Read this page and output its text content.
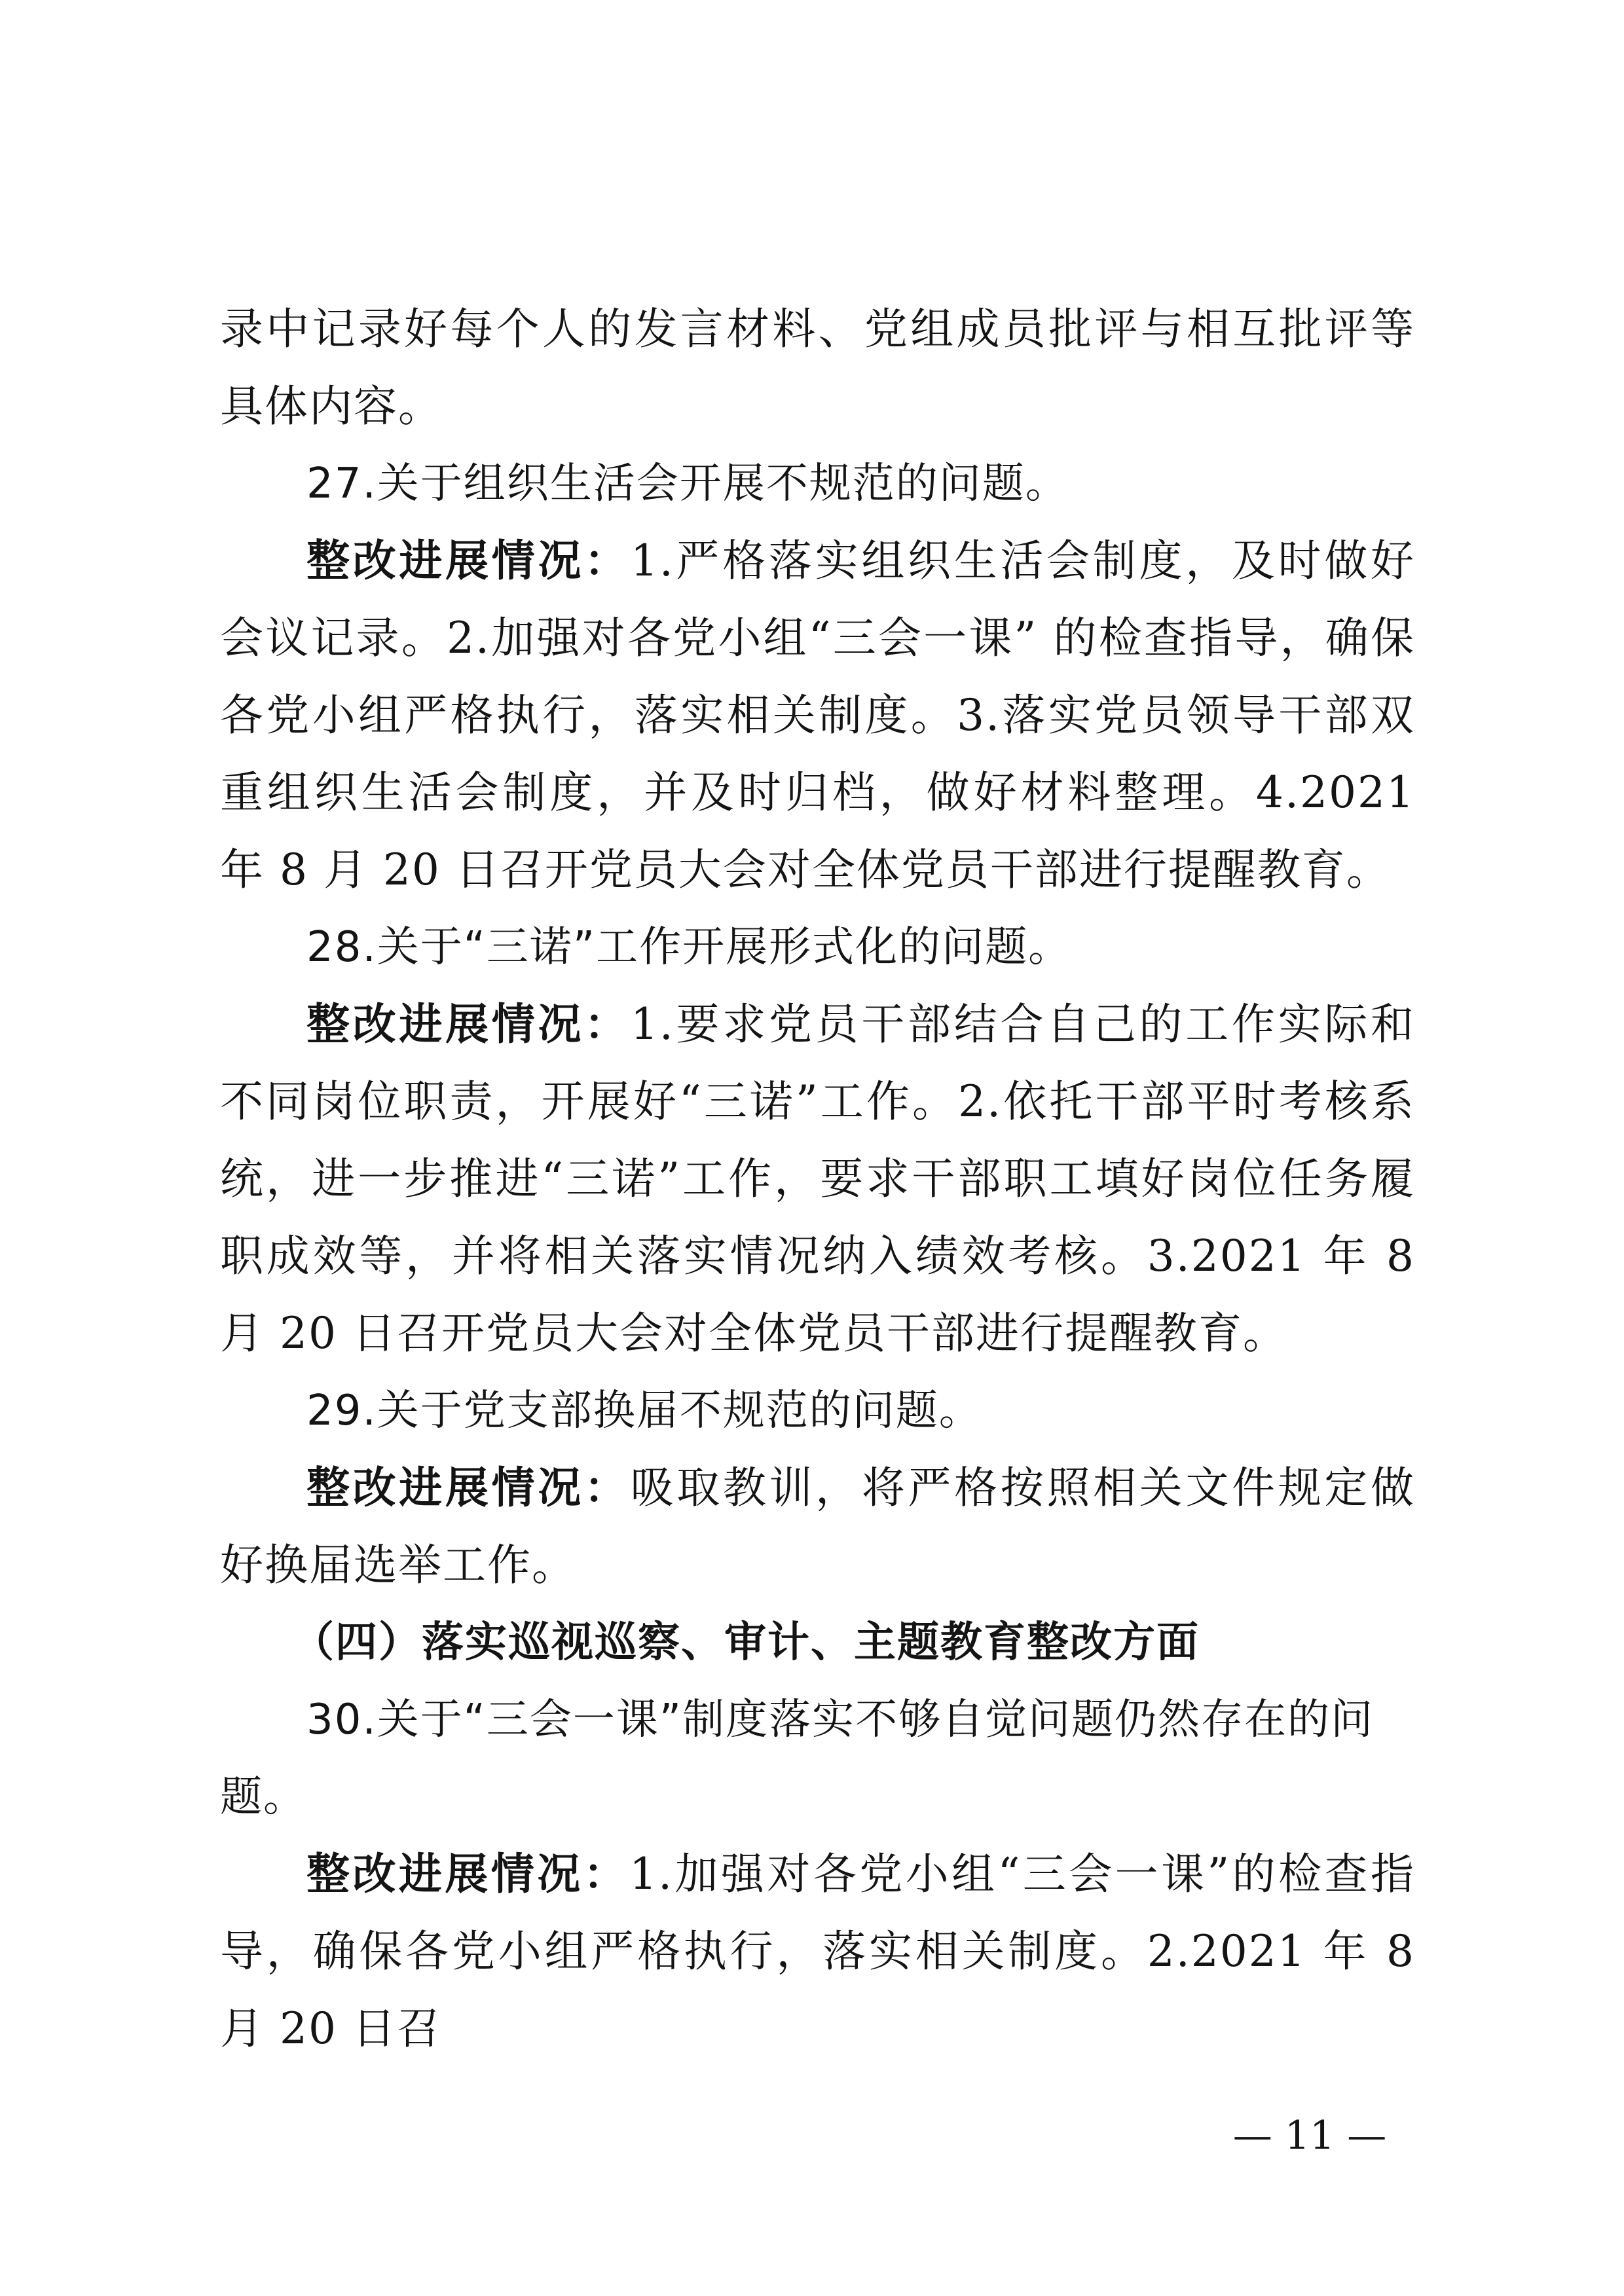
录中记录好每个人的发言材料、党组成员批评与相互批评等具体内容。

27.关于组织生活会开展不规范的问题。

整改进展情况：1.严格落实组织生活会制度，及时做好会议记录。2.加强对各党小组“三会一课” 的检查指导，确保各党小组严格执行，落实相关制度。3.落实党员领导干部双重组织生活会制度，并及时归档，做好材料整理。4.2021 年 8 月 20 日召开党员大会对全体党员干部进行提醒教育。

28.关于“三诺”工作开展形式化的问题。

整改进展情况：1.要求党员干部结合自己的工作实际和不同岗位职责，开展好“三诺”工作。2.依托干部平时考核系统，进一步推进“三诺”工作，要求干部职工填好岗位任务履职成效等，并将相关落实情况纳入绩效考核。3.2021 年 8 月 20 日召开党员大会对全体党员干部进行提醒教育。

29.关于党支部换届不规范的问题。

整改进展情况：吸取教训，将严格按照相关文件规定做好换届选举工作。

（四）落实巡视巡察、审计、主题教育整改方面

30.关于“三会一课”制度落实不够自觉问题仍然存在的问题。

整改进展情况：1.加强对各党小组“三会一课”的检查指导，确保各党小组严格执行，落实相关制度。2.2021 年 8 月 20 日召

— 11 —
